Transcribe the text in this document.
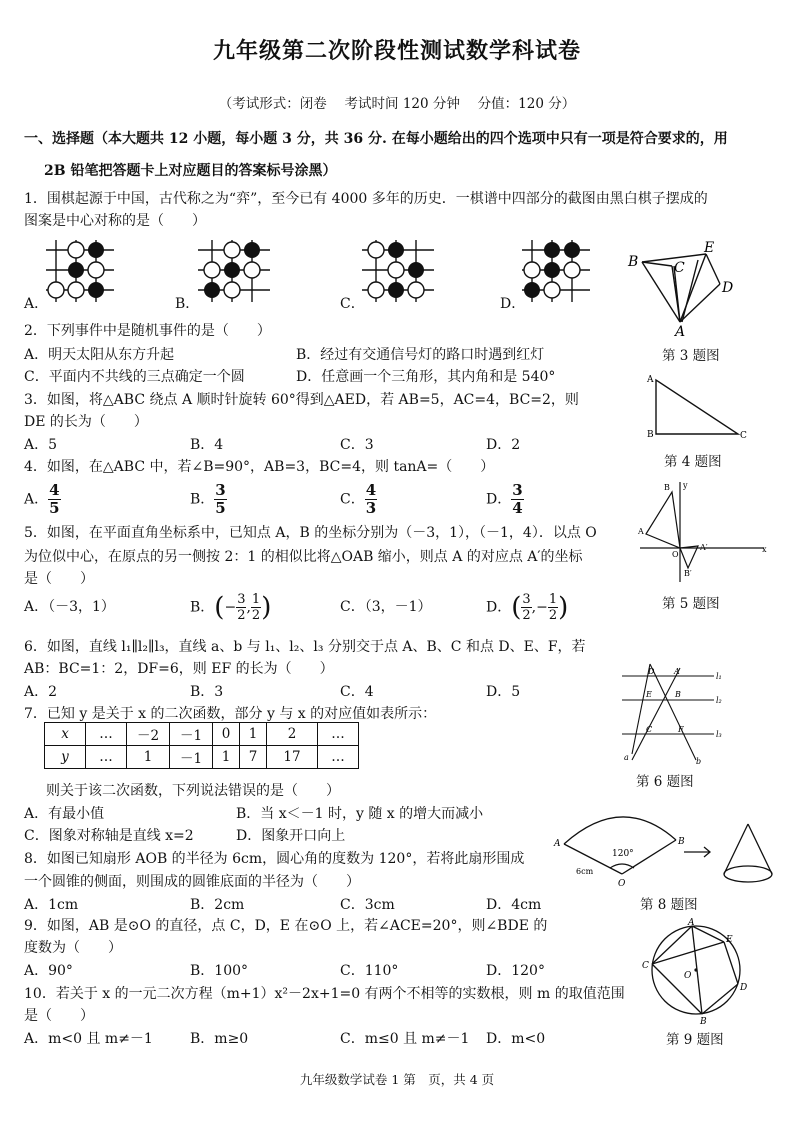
九年级第二次阶段性测试数学科试卷
（考试形式：闭卷　 考试时间 120 分钟　 分值：120 分）
一、选择题（本大题共 12 小题，每小题 3 分，共 36 分. 在每小题给出的四个选项中只有一项是符合要求的，用
2B 铅笔把答题卡上对应题目的答案标号涂黑）
1．围棋起源于中国，古代称之为“弈”，至今已有 4000 多年的历史．一棋谱中四部分的截图由黑白棋子摆成的
图案是中心对称的是（　　）
A．	B．	C．	D．
2．下列事件中是随机事件的是（　　）
A．明天太阳从东方升起	B．经过有交通信号灯的路口时遇到红灯
C．平面内不共线的三点确定一个圆	D．任意画一个三角形，其内角和是 540°
3．如图，将△ABC 绕点 A 顺时针旋转 60°得到△AED，若 AB=5，AC=4，BC=2，则
DE 的长为（　　）
A．5	B．4	C．3	D．2
4．如图，在△ABC 中，若∠B=90°，AB=3，BC=4，则 tanA=（　　）
A． $\frac{4}{5}$	B． $\frac{3}{5}$	C． $\frac{4}{3}$	D． $\frac{3}{4}$
5．如图，在平面直角坐标系中，已知点 A，B 的坐标分别为（－3，1），（－1，4）．以点 O
为位似中心，在原点的另一侧按 2：1 的相似比将△OAB 缩小，则点 A 的对应点 A′的坐标
是（　　）
A．（－3，1）	B．(− $\frac{3}{2}$ , $\frac{1}{2}$ )	C．（3，－1）	D．( $\frac{3}{2}$ ,− $\frac{1}{2}$ )
6．如图，直线 l₁∥l₂∥l₃，直线 a、b 与 l₁、l₂、l₃ 分别交于点 A、B、C 和点 D、E、F，若
AB：BC=1：2，DF=6，则 EF 的长为（　　）
A．2	B．3	C．4	D．5
7．已知 y 是关于 x 的二次函数，部分 y 与 x 的对应值如表所示：
x	…	－2	－1	0	1	2	…
y	…	1	－1	1	7	17	…
则关于该二次函数，下列说法错误的是（　　）
A．有最小值	B．当 x＜－1 时，y 随 x 的增大而减小
C．图象对称轴是直线 x=2	D．图象开口向上
8．如图已知扇形 AOB 的半径为 6cm，圆心角的度数为 120°，若将此扇形围成
一个圆锥的侧面，则围成的圆锥底面的半径为（　　）
A．1cm	B．2cm	C．3cm	D．4cm
9．如图，AB 是⊙O 的直径，点 C，D，E 在⊙O 上，若∠ACE=20°，则∠BDE 的
度数为（　　）
A．90°	B．100°	C．110°	D．120°
10．若关于 x 的一元二次方程（m+1）x²－2x+1=0 有两个不相等的实数根，则 m 的取值范围
是（　　）
A．m<0 且 m≠－1	B．m≥0	C．m≤0 且 m≠－1 D．m<0
B	C
E
D
A
第 3 题图
A
B	C
第 4 题图
B y
A
O
A′
B′
x
第 5 题图
D A
E	B
C	F
a	b
l₁
l₂
l₃
第 6 题图
A	B
O
120°
6cm
第 8 题图
A
E
C
O
D
B
第 9 题图
九年级数学试卷 1 第　页，共 4 页
